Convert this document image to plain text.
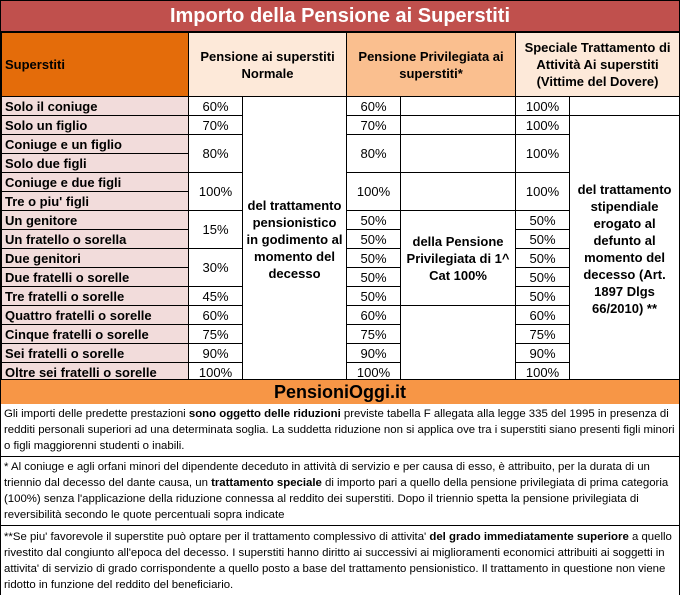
Importo della Pensione ai Superstiti
Superstiti	Pensione ai superstiti Normale		Pensione Privilegiata ai superstiti*		Speciale Trattamento di Attività Ai superstiti (Vittime del Dovere)	
Solo il coniuge	60%	del trattamento pensionistico in godimento al momento del decesso	60%		100%	
Solo un figlio	70%		70%		100%	del trattamento stipendiale erogato al defunto al momento del decesso (Art. 1897 Dlgs 66/2010) **
Coniuge e un figlio	80%		80%		100%	
Solo due figli						
Coniuge e due figli	100%		100%		100%	
Tre o piu' figli						
Un genitore	15%		50%	della Pensione Privilegiata di 1^ Cat 100%	50%	
Un fratello o sorella			50%		50%	
Due genitori	30%		50%		50%	
Due fratelli o sorelle			50%		50%	
Tre fratelli o sorelle	45%		50%		50%	
Quattro fratelli o sorelle	60%		60%		60%	
Cinque fratelli o sorelle	75%		75%		75%	
Sei fratelli o sorelle	90%		90%		90%	
Oltre sei fratelli o sorelle	100%		100%		100%	
PensioniOggi.it
Gli importi delle predette prestazioni sono oggetto delle riduzioni previste tabella F allegata alla legge 335 del 1995 in presenza di redditi personali superiori ad una determinata soglia. La suddetta riduzione non si applica ove tra i superstiti siano presenti figli minori o figli maggiorenni studenti o inabili.
* Al coniuge e agli orfani minori del dipendente deceduto in attività di servizio e per causa di esso, è attribuito, per la durata di un triennio dal decesso del dante causa, un trattamento speciale di importo pari a quello della pensione privilegiata di prima categoria (100%) senza l'applicazione della riduzione connessa al reddito dei superstiti. Dopo il triennio spetta la pensione privilegiata di reversibilità secondo le quote percentuali sopra indicate
**Se piu' favorevole il superstite può optare per il trattamento complessivo di attivita' del grado immediatamente superiore a quello rivestito dal congiunto all'epoca del decesso. I superstiti hanno diritto ai successivi ai miglioramenti economici attribuiti ai soggetti in attivita' di servizio di grado corrispondente a quello posto a base del trattamento pensionistico. Il trattamento in questione non viene ridotto in funzione del reddito del beneficiario.
